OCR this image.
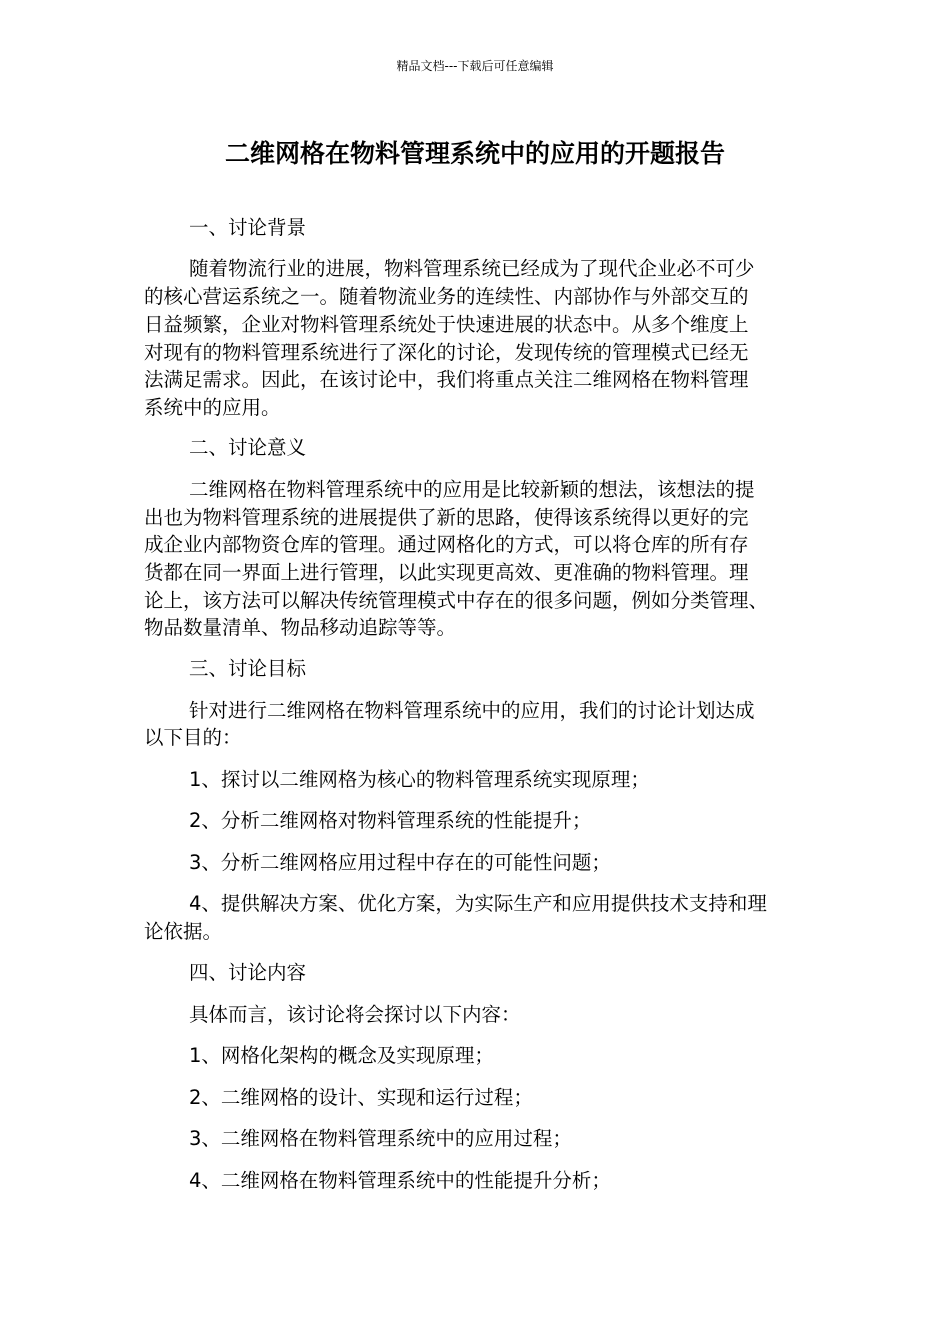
精品文档---下载后可任意编辑
二维网格在物料管理系统中的应用的开题报告
一、讨论背景
随着物流行业的进展，物料管理系统已经成为了现代企业必不可少
的核心营运系统之一。随着物流业务的连续性、内部协作与外部交互的
日益频繁，企业对物料管理系统处于快速进展的状态中。从多个维度上
对现有的物料管理系统进行了深化的讨论，发现传统的管理模式已经无
法满足需求。因此，在该讨论中，我们将重点关注二维网格在物料管理
系统中的应用。
二、讨论意义
二维网格在物料管理系统中的应用是比较新颖的想法，该想法的提
出也为物料管理系统的进展提供了新的思路，使得该系统得以更好的完
成企业内部物资仓库的管理。通过网格化的方式，可以将仓库的所有存
货都在同一界面上进行管理，以此实现更高效、更准确的物料管理。理
论上，该方法可以解决传统管理模式中存在的很多问题，例如分类管理、
物品数量清单、物品移动追踪等等。
三、讨论目标
针对进行二维网格在物料管理系统中的应用，我们的讨论计划达成
以下目的：
1、探讨以二维网格为核心的物料管理系统实现原理；
2、分析二维网格对物料管理系统的性能提升；
3、分析二维网格应用过程中存在的可能性问题；
4、提供解决方案、优化方案，为实际生产和应用提供技术支持和理
论依据。
四、讨论内容
具体而言，该讨论将会探讨以下内容：
1、网格化架构的概念及实现原理；
2、二维网格的设计、实现和运行过程；
3、二维网格在物料管理系统中的应用过程；
4、二维网格在物料管理系统中的性能提升分析；
